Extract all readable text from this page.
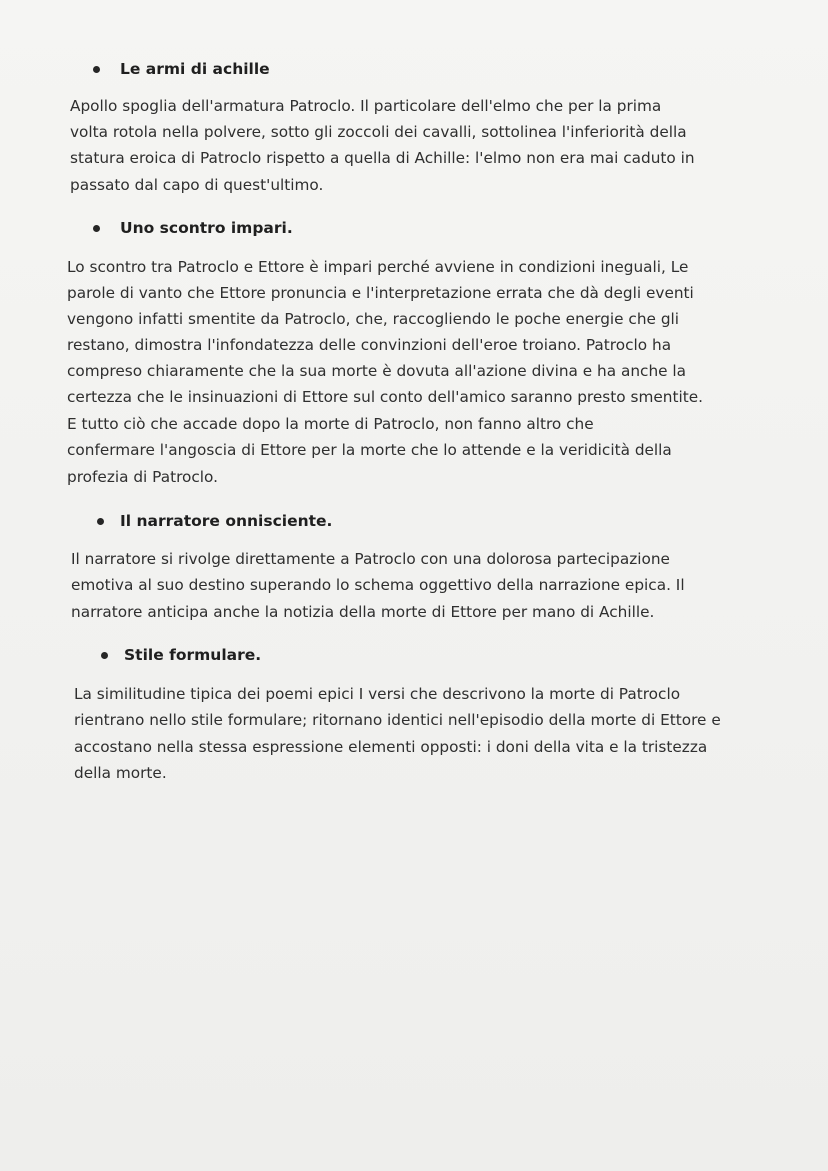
Le armi di achille
Apollo spoglia dell'armatura Patroclo. Il particolare dell'elmo che per la prima
volta rotola nella polvere, sotto gli zoccoli dei cavalli, sottolinea l'inferiorità della
statura eroica di Patroclo rispetto a quella di Achille: l'elmo non era mai caduto in
passato dal capo di quest'ultimo.
Uno scontro impari.
Lo scontro tra Patroclo e Ettore è impari perché avviene in condizioni ineguali, Le
parole di vanto che Ettore pronuncia e l'interpretazione errata che dà degli eventi
vengono infatti smentite da Patroclo, che, raccogliendo le poche energie che gli
restano, dimostra l'infondatezza delle convinzioni dell'eroe troiano. Patroclo ha
compreso chiaramente che la sua morte è dovuta all'azione divina e ha anche la
certezza che le insinuazioni di Ettore sul conto dell'amico saranno presto smentite.
E tutto ciò che accade dopo la morte di Patroclo, non fanno altro che
confermare l'angoscia di Ettore per la morte che lo attende e la veridicità della
profezia di Patroclo.
Il narratore onnisciente.
Il narratore si rivolge direttamente a Patroclo con una dolorosa partecipazione
emotiva al suo destino superando lo schema oggettivo della narrazione epica. Il
narratore anticipa anche la notizia della morte di Ettore per mano di Achille.
Stile formulare.
La similitudine tipica dei poemi epici I versi che descrivono la morte di Patroclo
rientrano nello stile formulare; ritornano identici nell'episodio della morte di Ettore e
accostano nella stessa espressione elementi opposti: i doni della vita e la tristezza
della morte.
